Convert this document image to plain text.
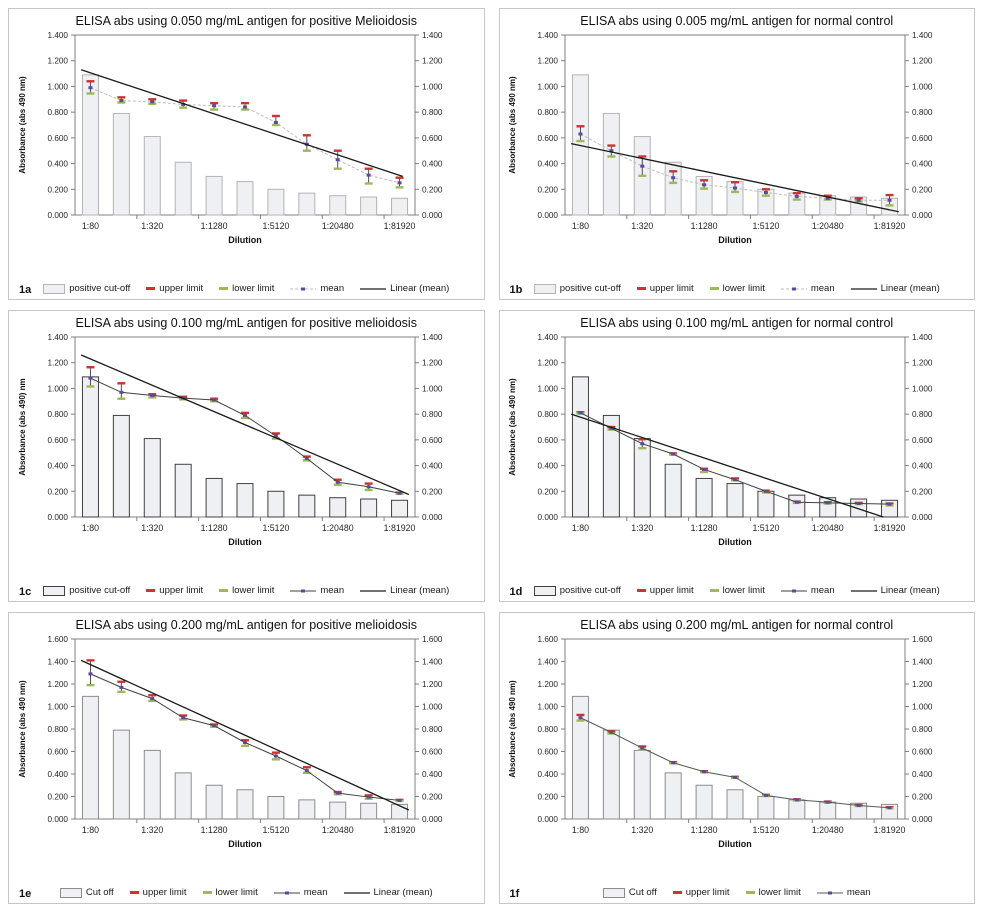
ELISA abs using 0.050 mg/mL antigen for positive Melioidosis
0.000	0.000
0.200	0.200
0.400	0.400
0.600	0.600
0.800	0.800
1.000	1.000
1.200	1.200
1.400	1.400
Absorbance (abs 490 nm)
1:80	1:320	1:1280	1:5120	1:20480	1:81920
Dilution
positive cut-off	upper limit	lower limit	mean	Linear (mean)
1a
ELISA abs using 0.005 mg/mL antigen for normal control
0.000	0.000
0.200	0.200
0.400	0.400
0.600	0.600
0.800	0.800
1.000	1.000
1.200	1.200
1.400	1.400
Absorbance (abs 490 nm)
1:80	1:320	1:1280	1:5120	1:20480	1:81920
Dilution
positive cut-off	upper limit	lower limit	mean	Linear (mean)
1b
ELISA abs using 0.100 mg/mL antigen for positive melioidosis
0.000	0.000
0.200	0.200
0.400	0.400
0.600	0.600
0.800	0.800
1.000	1.000
1.200	1.200
1.400	1.400
Absorbance (abs 490) nm
1:80	1:320	1:1280	1:5120	1:20480	1:81920
Dilution
positive cut-off	upper limit	lower limit	mean	Linear (mean)
1c
ELISA abs using 0.100 mg/mL antigen for normal control
0.000	0.000
0.200	0.200
0.400	0.400
0.600	0.600
0.800	0.800
1.000	1.000
1.200	1.200
1.400	1.400
Absorbance (abs 490 nm)
1:80	1:320	1:1280	1:5120	1:20480	1:81920
Dilution
positive cut-off	upper limit	lower limit	mean	Linear (mean)
1d
ELISA abs using 0.200 mg/mL antigen for positive melioidosis
0.000	0.000
0.200	0.200
0.400	0.400
0.600	0.600
0.800	0.800
1.000	1.000
1.200	1.200
1.400	1.400
1.600	1.600
Absorbance (abs 490 nm)
1:80	1:320	1:1280	1:5120	1:20480	1:81920
Dilution
Cut off	upper limit	lower limit	mean	Linear (mean)
1e
ELISA abs using 0.200 mg/mL antigen for normal control
0.000	0.000
0.200	0.200
0.400	0.400
0.600	0.600
0.800	0.800
1.000	1.000
1.200	1.200
1.400	1.400
1.600	1.600
Absorbance (abs 490 nm)
1:80	1:320	1:1280	1:5120	1:20480	1:81920
Dilution
Cut off	upper limit	lower limit	mean
1f
